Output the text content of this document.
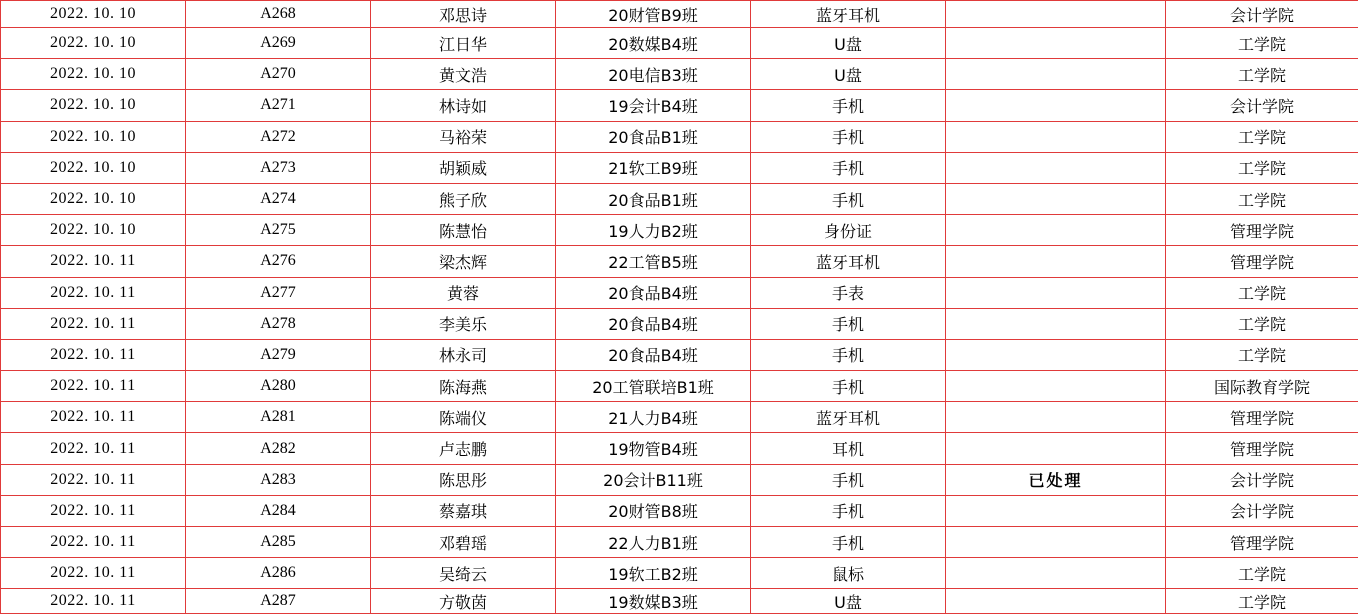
2022. 10. 10	A268	邓思诗	20财管B9班	蓝牙耳机		会计学院
2022. 10. 10	A269	江日华	20数媒B4班	U盘		工学院
2022. 10. 10	A270	黄文浩	20电信B3班	U盘		工学院
2022. 10. 10	A271	林诗如	19会计B4班	手机		会计学院
2022. 10. 10	A272	马裕荣	20食品B1班	手机		工学院
2022. 10. 10	A273	胡颖威	21软工B9班	手机		工学院
2022. 10. 10	A274	熊子欣	20食品B1班	手机		工学院
2022. 10. 10	A275	陈慧怡	19人力B2班	身份证		管理学院
2022. 10. 11	A276	梁杰辉	22工管B5班	蓝牙耳机		管理学院
2022. 10. 11	A277	黄蓉	20食品B4班	手表		工学院
2022. 10. 11	A278	李美乐	20食品B4班	手机		工学院
2022. 10. 11	A279	林永司	20食品B4班	手机		工学院
2022. 10. 11	A280	陈海燕	20工管联培B1班	手机		国际教育学院
2022. 10. 11	A281	陈端仪	21人力B4班	蓝牙耳机		管理学院
2022. 10. 11	A282	卢志鹏	19物管B4班	耳机		管理学院
2022. 10. 11	A283	陈思彤	20会计B11班	手机	已处理	会计学院
2022. 10. 11	A284	蔡嘉琪	20财管B8班	手机		会计学院
2022. 10. 11	A285	邓碧瑶	22人力B1班	手机		管理学院
2022. 10. 11	A286	吴绮云	19软工B2班	鼠标		工学院
2022. 10. 11	A287	方敬茵	19数媒B3班	U盘		工学院
